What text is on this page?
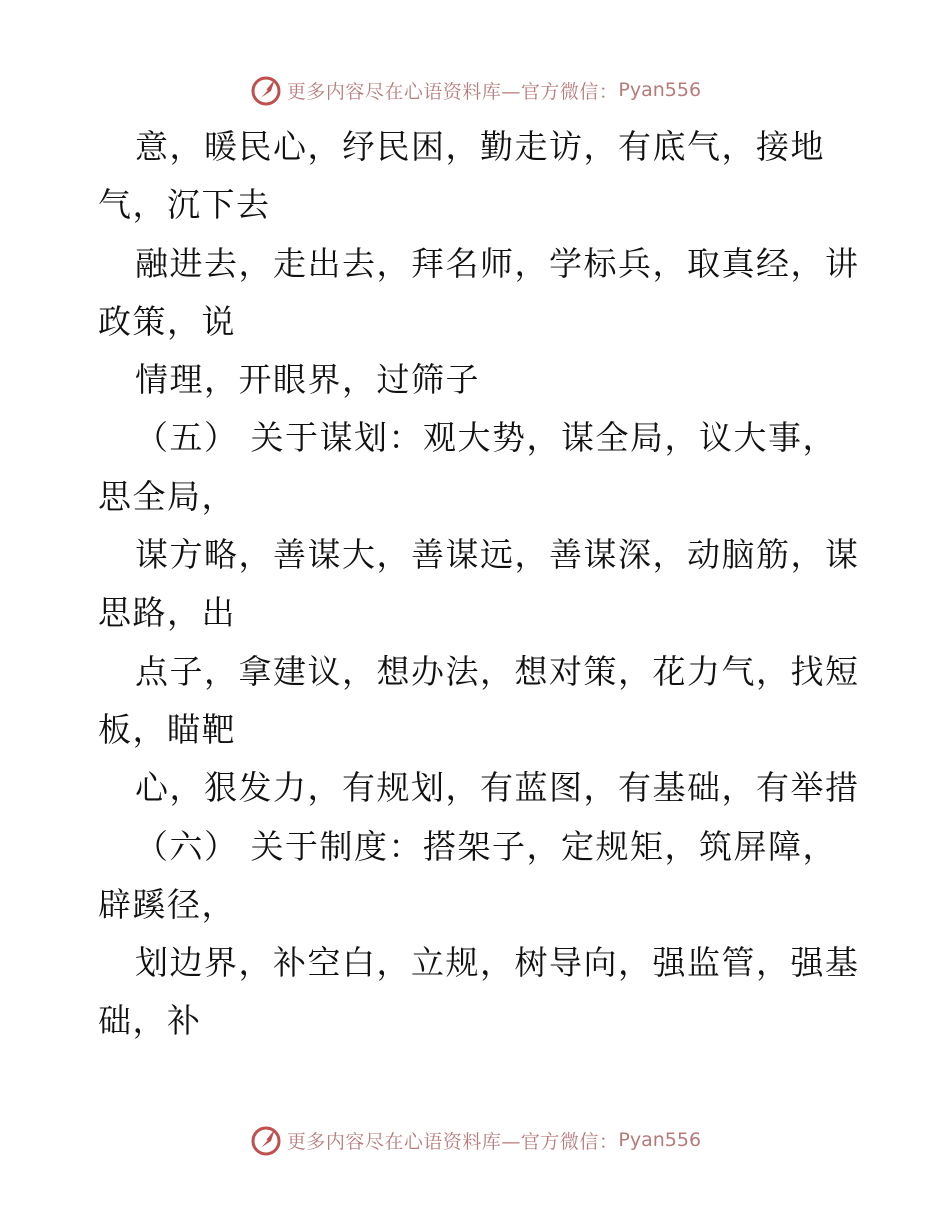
更多内容尽在心语资料库—官方微信： Pyan556
意，暖民心，纾民困，勤走访，有底气，接地
气，沉下去
融进去，走出去，拜名师，学标兵，取真经，讲
政策，说
情理，开眼界，过筛子
（五） 关于谋划：观大势，谋全局，议大事，
思全局，
谋方略，善谋大，善谋远，善谋深，动脑筋，谋
思路，出
点子，拿建议，想办法，想对策，花力气，找短
板，瞄靶
心，狠发力，有规划，有蓝图，有基础，有举措
（六） 关于制度：搭架子，定规矩，筑屏障，
辟蹊径，
划边界，补空白，立规，树导向，强监管，强基
础，补
更多内容尽在心语资料库—官方微信： Pyan556
